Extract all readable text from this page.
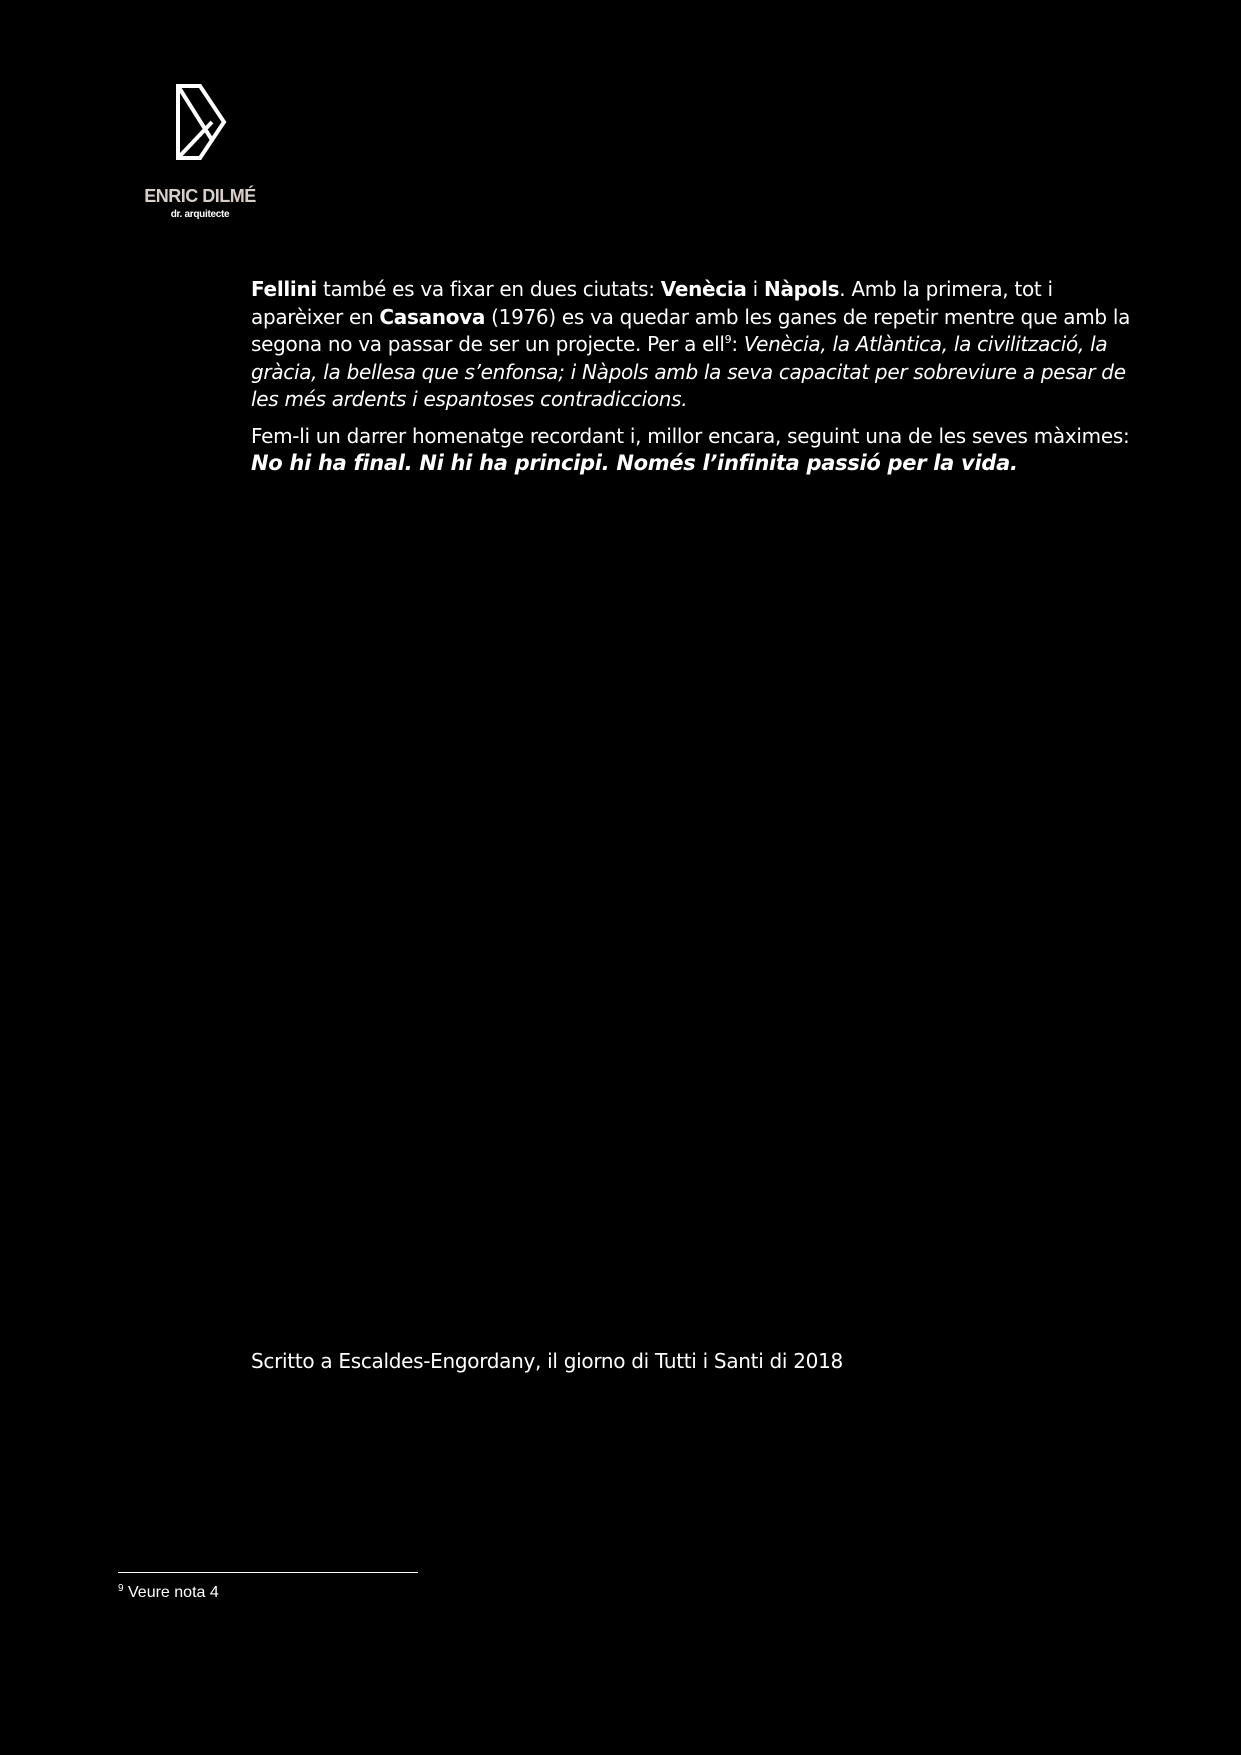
ENRIC DILMÉ
dr. arquitecte

Fellini també es va fixar en dues ciutats: Venècia i Nàpols. Amb la primera, tot i aparèixer en Casanova (1976) es va quedar amb les ganes de repetir mentre que amb la segona no va passar de ser un projecte. Per a ell$^9$: Venècia, la Atlàntica, la civilització, la gràcia, la bellesa que s’enfonsa; i Nàpols amb la seva capacitat per sobreviure a pesar de les més ardents i espantoses contradiccions.

Fem-li un darrer homenatge recordant i, millor encara, seguint una de les seves màximes: No hi ha final. Ni hi ha principi. Només l’infinita passió per la vida.

Scritto a Escaldes-Engordany, il giorno di Tutti i Santi di 2018
$^9$ Veure nota 4
